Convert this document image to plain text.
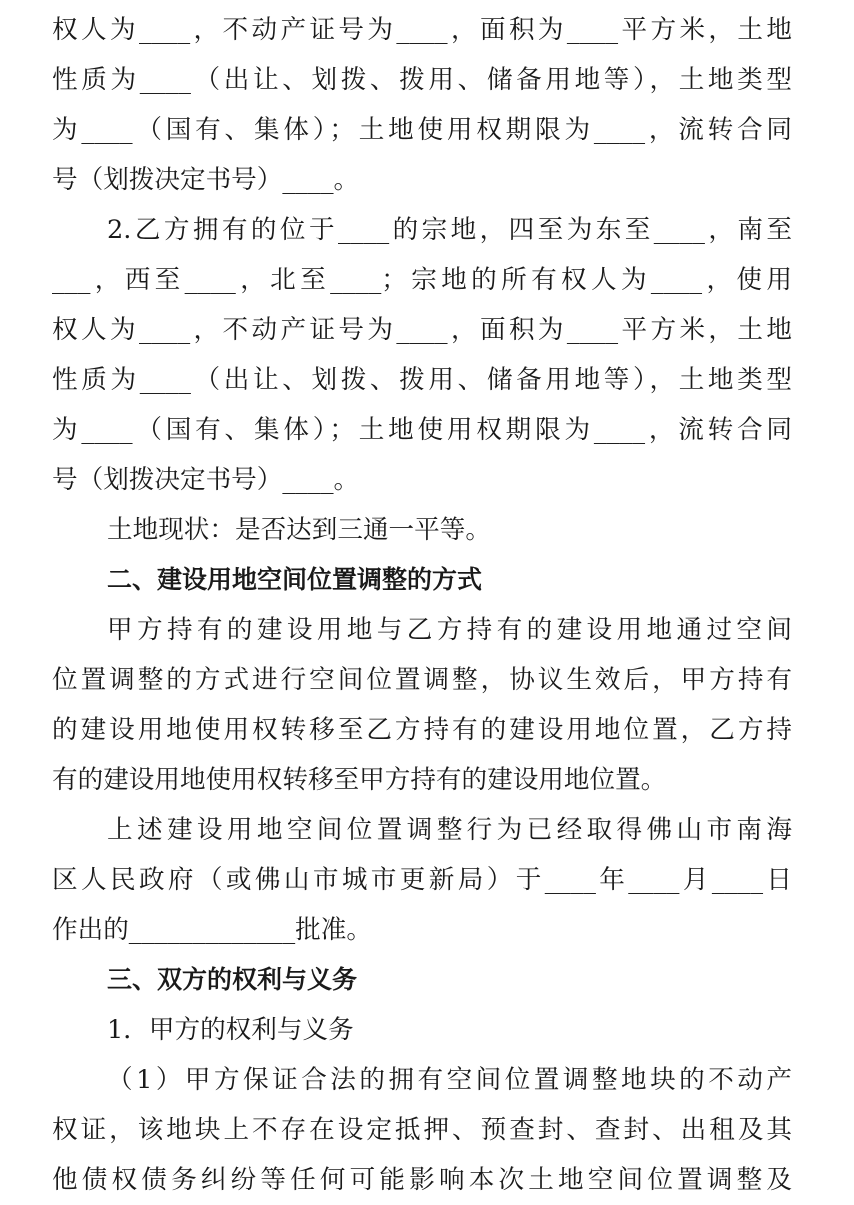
权人为____，不动产证号为____，面积为____平方米，土地
性质为____（出让、划拨、拨用、储备用地等），土地类型
为____（国有、集体）；土地使用权期限为____，流转合同
号（划拨决定书号）____。
2.乙方拥有的位于____的宗地，四至为东至____，南至
___，西至____，北至____；宗地的所有权人为____，使用
权人为____，不动产证号为____，面积为____平方米，土地
性质为____（出让、划拨、拨用、储备用地等），土地类型
为____（国有、集体）；土地使用权期限为____，流转合同
号（划拨决定书号）____。
土地现状：是否达到三通一平等。
二、建设用地空间位置调整的方式
甲方持有的建设用地与乙方持有的建设用地通过空间
位置调整的方式进行空间位置调整，协议生效后，甲方持有
的建设用地使用权转移至乙方持有的建设用地位置，乙方持
有的建设用地使用权转移至甲方持有的建设用地位置。
上述建设用地空间位置调整行为已经取得佛山市南海
区人民政府（或佛山市城市更新局）于____年____月____日
作出的_____________批准。
三、双方的权利与义务
1．甲方的权利与义务
（1）甲方保证合法的拥有空间位置调整地块的不动产
权证，该地块上不存在设定抵押、预查封、查封、出租及其
他债权债务纠纷等任何可能影响本次土地空间位置调整及
